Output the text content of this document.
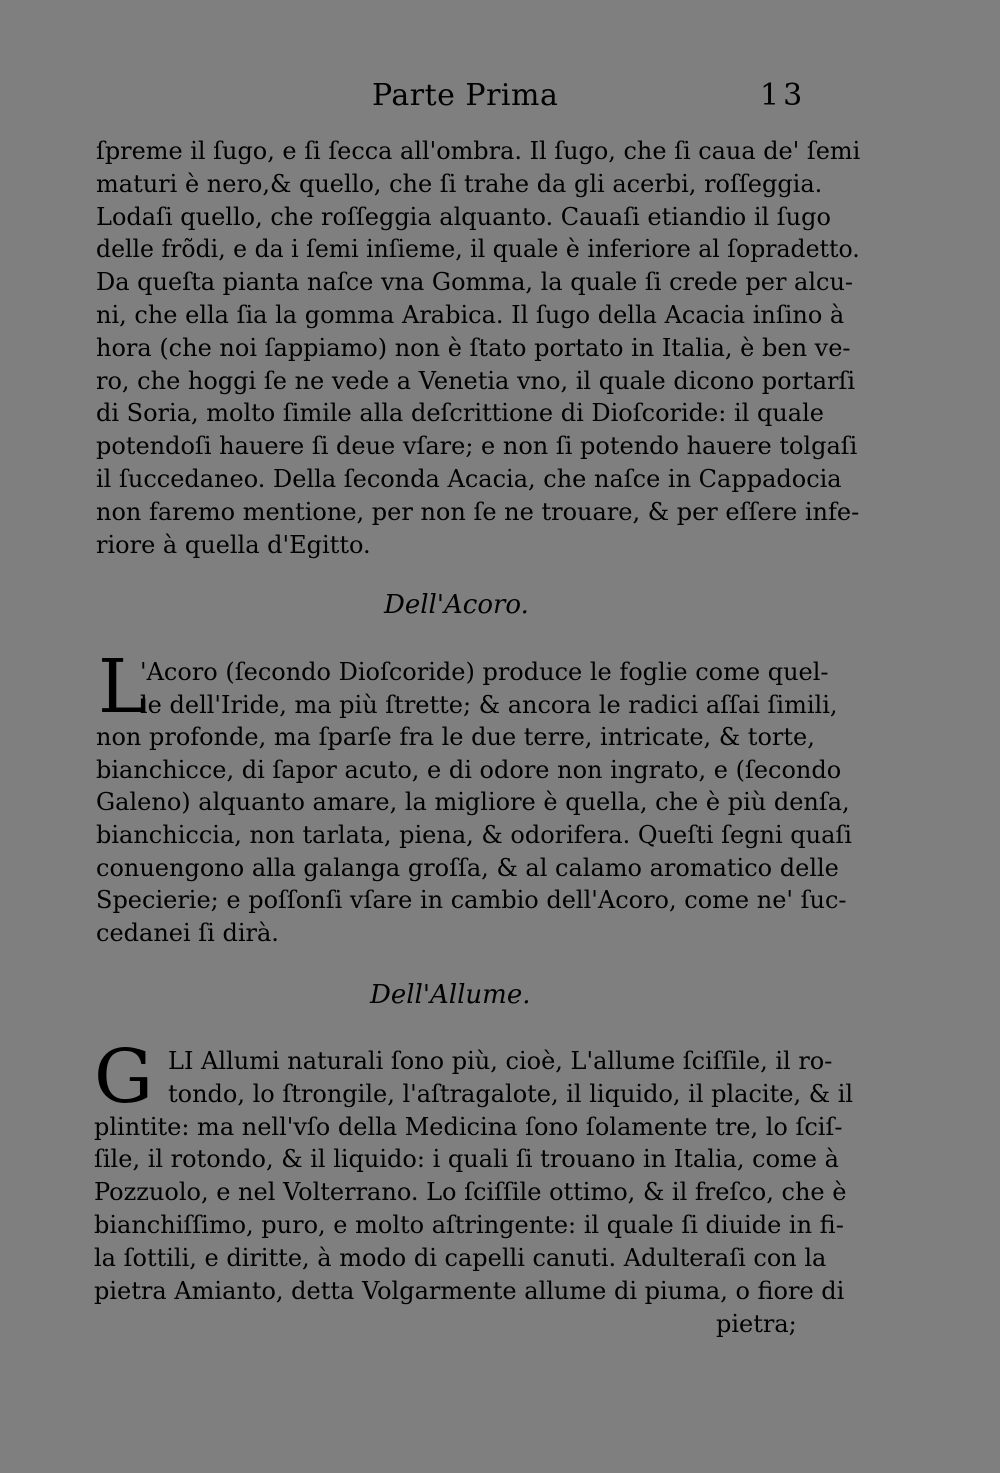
Parte Prima	13
ſpreme il ſugo, e ſi ſecca all'ombra. Il ſugo, che ſi caua de' ſemi
maturi è nero,& quello, che ſi trahe da gli acerbi, roſſeggia.
Lodaſi quello, che roſſeggia alquanto. Cauaſi etiandio il ſugo
delle frõdi, e da i ſemi inſieme, il quale è inferiore al ſopradetto.
Da queſta pianta naſce vna Gomma, la quale ſi crede per alcu-
ni, che ella ſia la gomma Arabica. Il ſugo della Acacia inſino à
hora (che noi ſappiamo) non è ſtato portato in Italia, è ben ve-
ro, che hoggi ſe ne vede a Venetia vno, il quale dicono portarſi
di Soria, molto ſimile alla deſcrittione di Dioſcoride: il quale
potendoſi hauere ſi deue vſare; e non ſi potendo hauere tolgaſi
il ſuccedaneo. Della ſeconda Acacia, che naſce in Cappadocia
non faremo mentione, per non ſe ne trouare, & per eſſere infe-
riore à quella d'Egitto.
Dell'Acoro.
L
'Acoro (ſecondo Dioſcoride) produce le foglie come quel-
le dell'Iride, ma più ſtrette; & ancora le radici aſſai ſimili,
non profonde, ma ſparſe fra le due terre, intricate, & torte,
bianchicce, di ſapor acuto, e di odore non ingrato, e (ſecondo
Galeno) alquanto amare, la migliore è quella, che è più denſa,
bianchiccia, non tarlata, piena, & odorifera. Queſti ſegni quaſi
conuengono alla galanga groſſa, & al calamo aromatico delle
Specierie; e poſſonſi vſare in cambio dell'Acoro, come ne' ſuc-
cedanei ſi dirà.
Dell'Allume.
G LI Allumi naturali ſono più, cioè, L'allume ſciſſile, il ro-
tondo, lo ſtrongile, l'aſtragalote, il liquido, il placite, & il
plintite: ma nell'vſo della Medicina ſono ſolamente tre, lo ſciſ-
ſile, il rotondo, & il liquido: i quali ſi trouano in Italia, come à
Pozzuolo, e nel Volterrano. Lo ſciſſile ottimo, & il freſco, che è
bianchiſſimo, puro, e molto aſtringente: il quale ſi diuide in fi-
la ſottili, e diritte, à modo di capelli canuti. Adulteraſi con la
pietra Amianto, detta Volgarmente allume di piuma, o fiore di
pietra;
